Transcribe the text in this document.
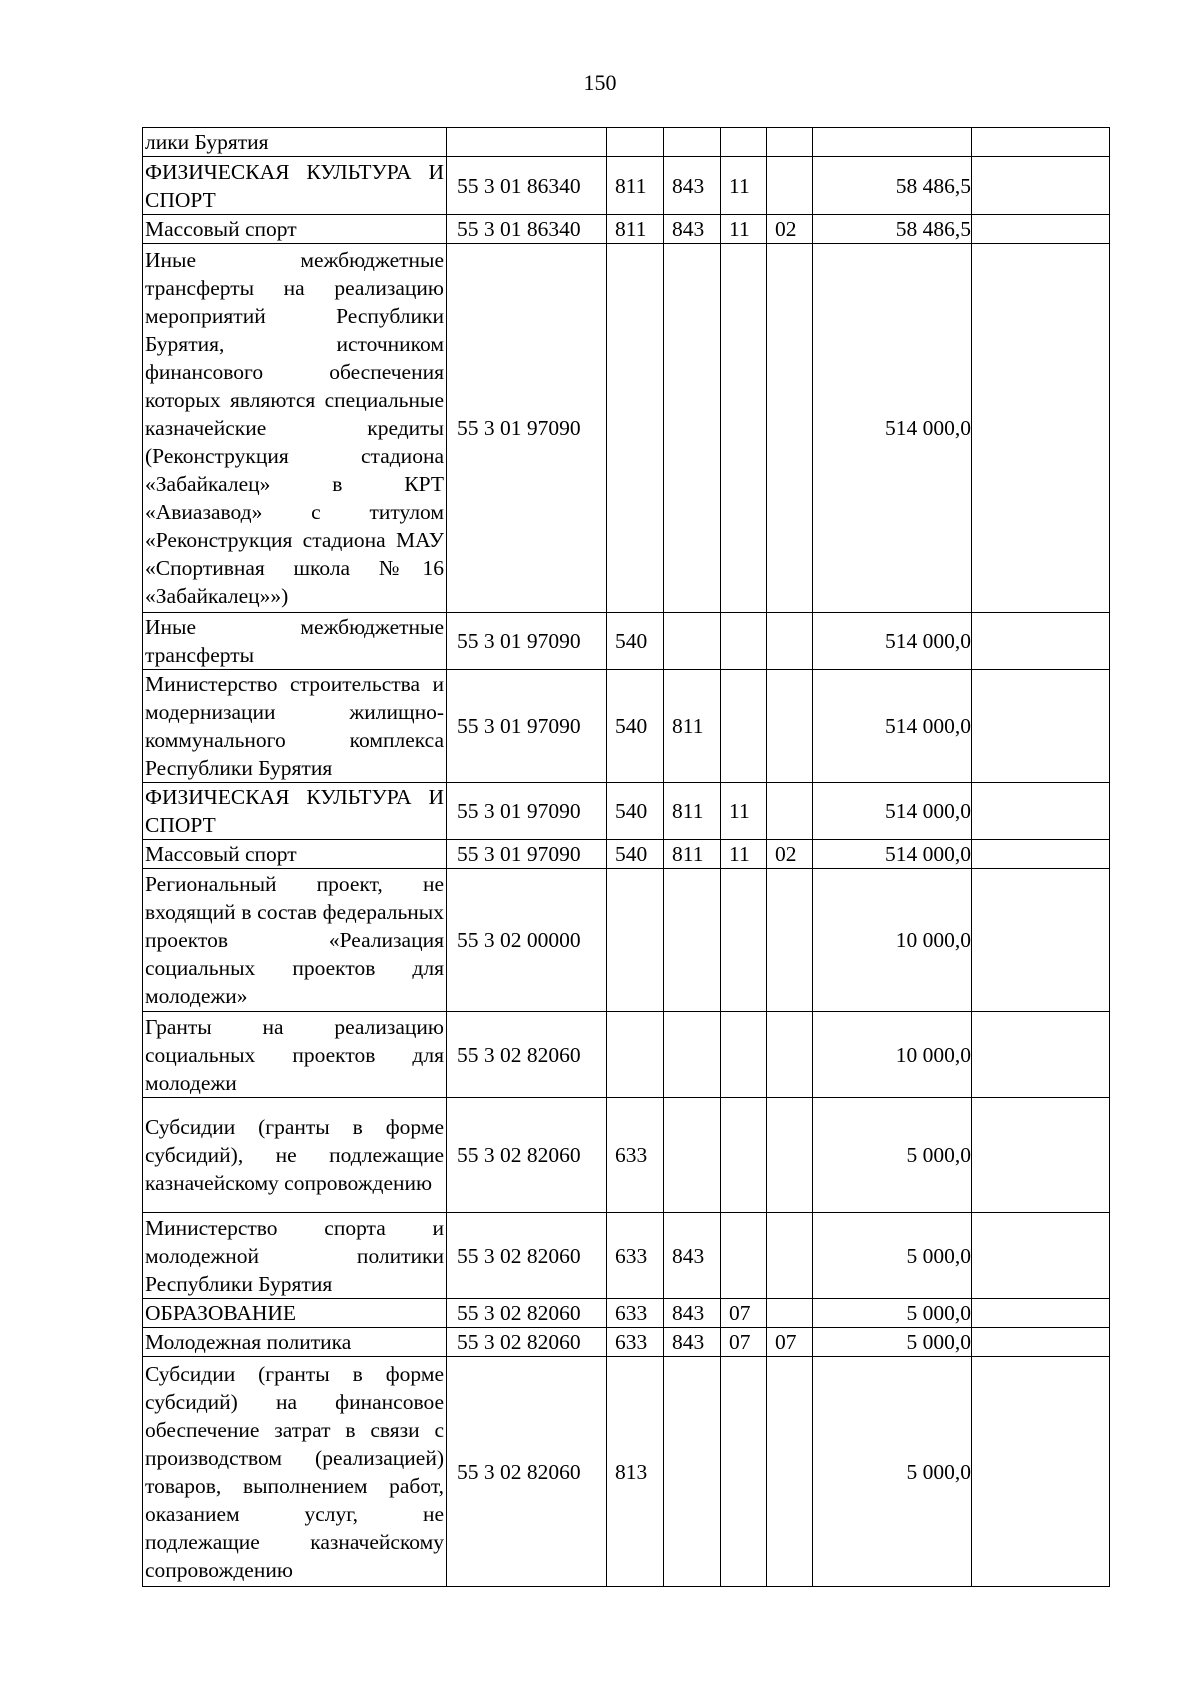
150
лики Бурятия							
ФИЗИЧЕСКАЯ КУЛЬТУРА И СПОРТ	55 3 01 86340	811	843	11		58 486,5	
Массовый спорт	55 3 01 86340	811	843	11	02	58 486,5	
Иные межбюджетные трансферты на реализацию мероприятий Республики Бурятия, источником финансового обеспечения которых являются специальные казначейские кредиты (Реконструкция стадиона «Забайкалец» в КРТ «Авиазавод» с титулом «Реконструкция стадиона МАУ «Спортивная школа №16 «Забайкалец»»)	55 3 01 97090					514 000,0	
Иные межбюджетные трансферты	55 3 01 97090	540				514 000,0	
Министерство строительства и модернизации жилищно-коммунального комплекса Республики Бурятия	55 3 01 97090	540	811			514 000,0	
ФИЗИЧЕСКАЯ КУЛЬТУРА И СПОРТ	55 3 01 97090	540	811	11		514 000,0	
Массовый спорт	55 3 01 97090	540	811	11	02	514 000,0	
Региональный проект, не входящий в состав федеральных проектов «Реализация социальных проектов для молодежи»	55 3 02 00000					10 000,0	
Гранты на реализацию социальных проектов для молодежи	55 3 02 82060					10 000,0	
Субсидии (гранты в форме субсидий), не подлежащие казначейскому сопровождению	55 3 02 82060	633				5 000,0	
Министерство спорта и молодежной политики Республики Бурятия	55 3 02 82060	633	843			5 000,0	
ОБРАЗОВАНИЕ	55 3 02 82060	633	843	07		5 000,0	
Молодежная политика	55 3 02 82060	633	843	07	07	5 000,0	
Субсидии (гранты в форме субсидий) на финансовое обеспечение затрат в связи с производством (реализацией) товаров, выполнением работ, оказанием услуг, не подлежащие казначейскому сопровождению	55 3 02 82060	813				5 000,0	
